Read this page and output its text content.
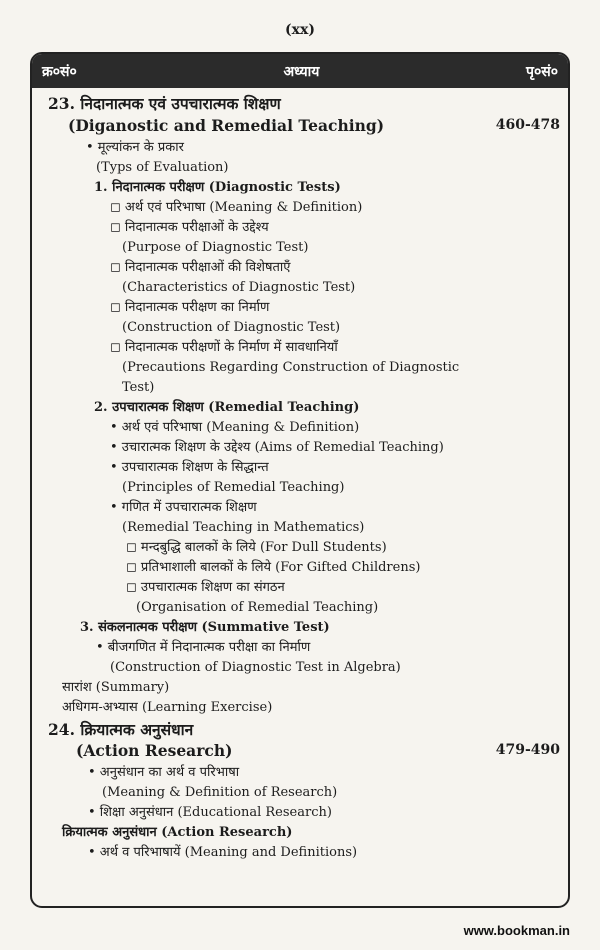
(xx)
क्र०सं०	अध्याय	पृ०सं०
23. निदानात्मक एवं उपचारात्मक शिक्षण
(Diganostic and Remedial Teaching)	460-478
• मूल्यांकन के प्रकार
(Typs of Evaluation)
1. निदानात्मक परीक्षण (Diagnostic Tests)
◻ अर्थ एवं परिभाषा (Meaning & Definition)
◻ निदानात्मक परीक्षाओं के उद्देश्य
(Purpose of Diagnostic Test)
◻ निदानात्मक परीक्षाओं की विशेषताएँ
(Characteristics of Diagnostic Test)
◻ निदानात्मक परीक्षण का निर्माण
(Construction of Diagnostic Test)
◻ निदानात्मक परीक्षणों के निर्माण में सावधानियाँ
(Precautions Regarding Construction of Diagnostic
Test)
2. उपचारात्मक शिक्षण (Remedial Teaching)
• अर्थ एवं परिभाषा (Meaning & Definition)
• उचारात्मक शिक्षण के उद्देश्य (Aims of Remedial Teaching)
• उपचारात्मक शिक्षण के सिद्धान्त
(Principles of Remedial Teaching)
• गणित में उपचारात्मक शिक्षण
(Remedial Teaching in Mathematics)
◻ मन्दबुद्धि बालकों के लिये (For Dull Students)
◻ प्रतिभाशाली बालकों के लिये (For Gifted Childrens)
◻ उपचारात्मक शिक्षण का संगठन
(Organisation of Remedial Teaching)
3. संकलनात्मक परीक्षण (Summative Test)
• बीजगणित में निदानात्मक परीक्षा का निर्माण
(Construction of Diagnostic Test in Algebra)
सारांश (Summary)
अधिगम-अभ्यास (Learning Exercise)
24. क्रियात्मक अनुसंधान
(Action Research)	479-490
• अनुसंधान का अर्थ व परिभाषा
(Meaning & Definition of Research)
• शिक्षा अनुसंधान (Educational Research)
क्रियात्मक अनुसंधान (Action Research)
• अर्थ व परिभाषायें (Meaning and Definitions)
www.bookman.in
